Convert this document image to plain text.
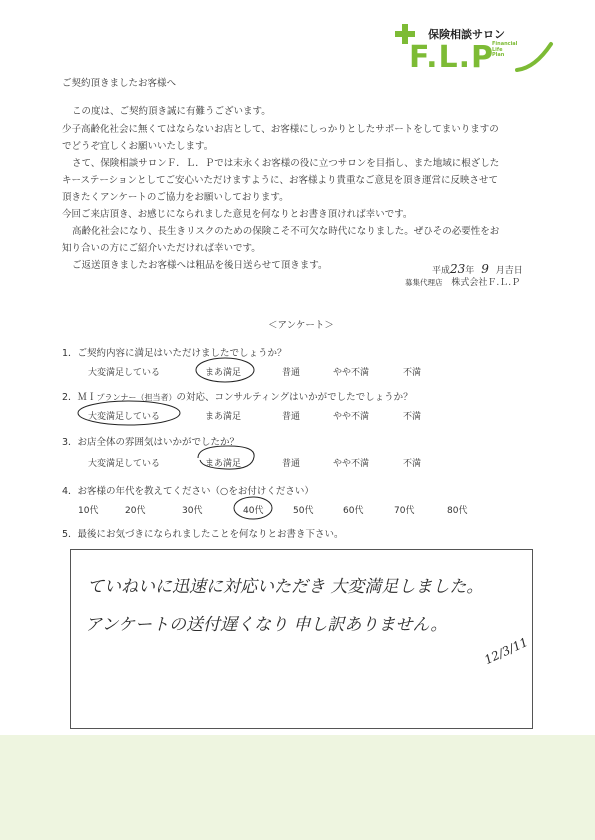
保険相談サロン
F.L.P
Financial
Life
Plan
ご契約頂きましたお客様へ
この度は、ご契約頂き誠に有難うございます。
少子高齢化社会に無くてはならないお店として、お客様にしっかりとしたサポートをしてまいりますの
でどうぞ宜しくお願いいたします。
さて、保険相談サロンＦ．Ｌ．Ｐでは末永くお客様の役に立つサロンを目指し、また地域に根ざした
キーステーションとしてご安心いただけますように、お客様より貴重なご意見を頂き運営に反映させて
頂きたくアンケートのご協力をお願いしております。
今回ご来店頂き、お感じになられました意見を何なりとお書き頂ければ幸いです。
高齢化社会になり、長生きリスクのための保険こそ不可欠な時代になりました。ぜひその必要性をお
知り合いの方にご紹介いただければ幸いです。
ご返送頂きましたお客様へは粗品を後日送らせて頂きます。	平成23年 9 月吉日
募集代理店 株式会社Ｆ.Ｌ.Ｐ
＜アンケート＞
1．ご契約内容に満足はいただけましたでしょうか？
大変満足している	まあ満足	普通	やや不満	不満
2．ＭＩプランナー（担当者）の対応、コンサルティングはいかがでしたでしょうか？
大変満足している	まあ満足	普通	やや不満	不満
3．お店全体の雰囲気はいかがでしたか？
大変満足している	まあ満足	普通	やや不満	不満
4．お客様の年代を教えてください（○をお付けください）
10代	20代	30代	40代	50代	60代	70代	80代
5．最後にお気づきになられましたことを何なりとお書き下さい。
ていねいに迅速に対応いただき 大変満足しました。
アンケートの送付遅くなり 申し訳ありません。
12/3/11
